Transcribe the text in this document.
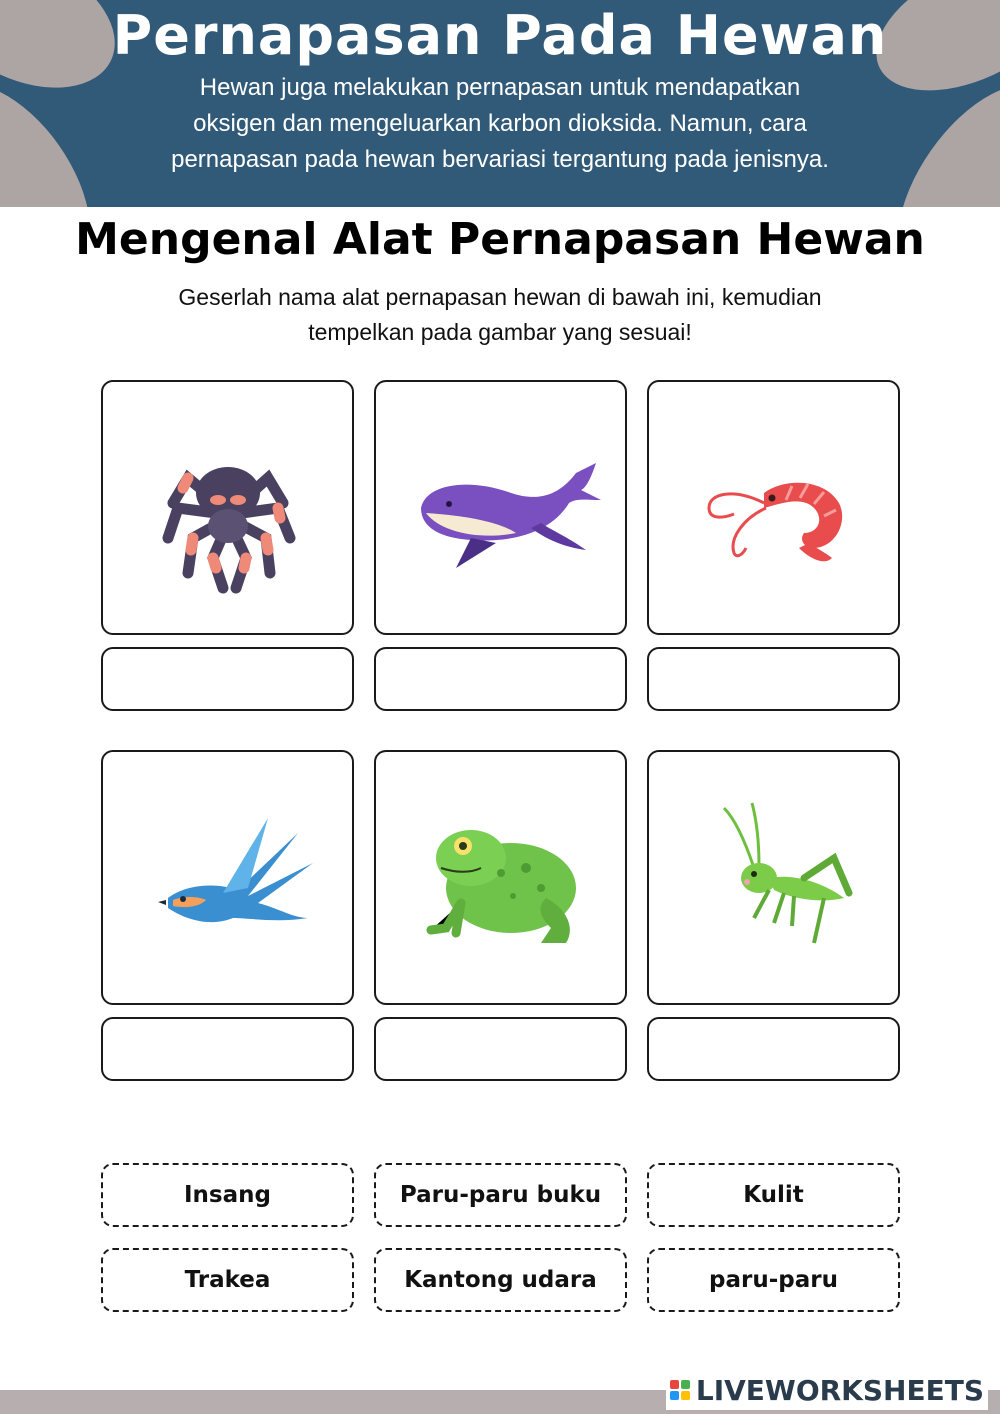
Pernapasan Pada Hewan
Hewan juga melakukan pernapasan untuk mendapatkan
oksigen dan mengeluarkan karbon dioksida. Namun, cara
pernapasan pada hewan bervariasi tergantung pada jenisnya.
Mengenal Alat Pernapasan Hewan
Geserlah nama alat pernapasan hewan di bawah ini, kemudian
tempelkan pada gambar yang sesuai!
Insang	Paru-paru buku	Kulit
Trakea	Kantong udara	paru-paru
LIVEWORKSHEETS
